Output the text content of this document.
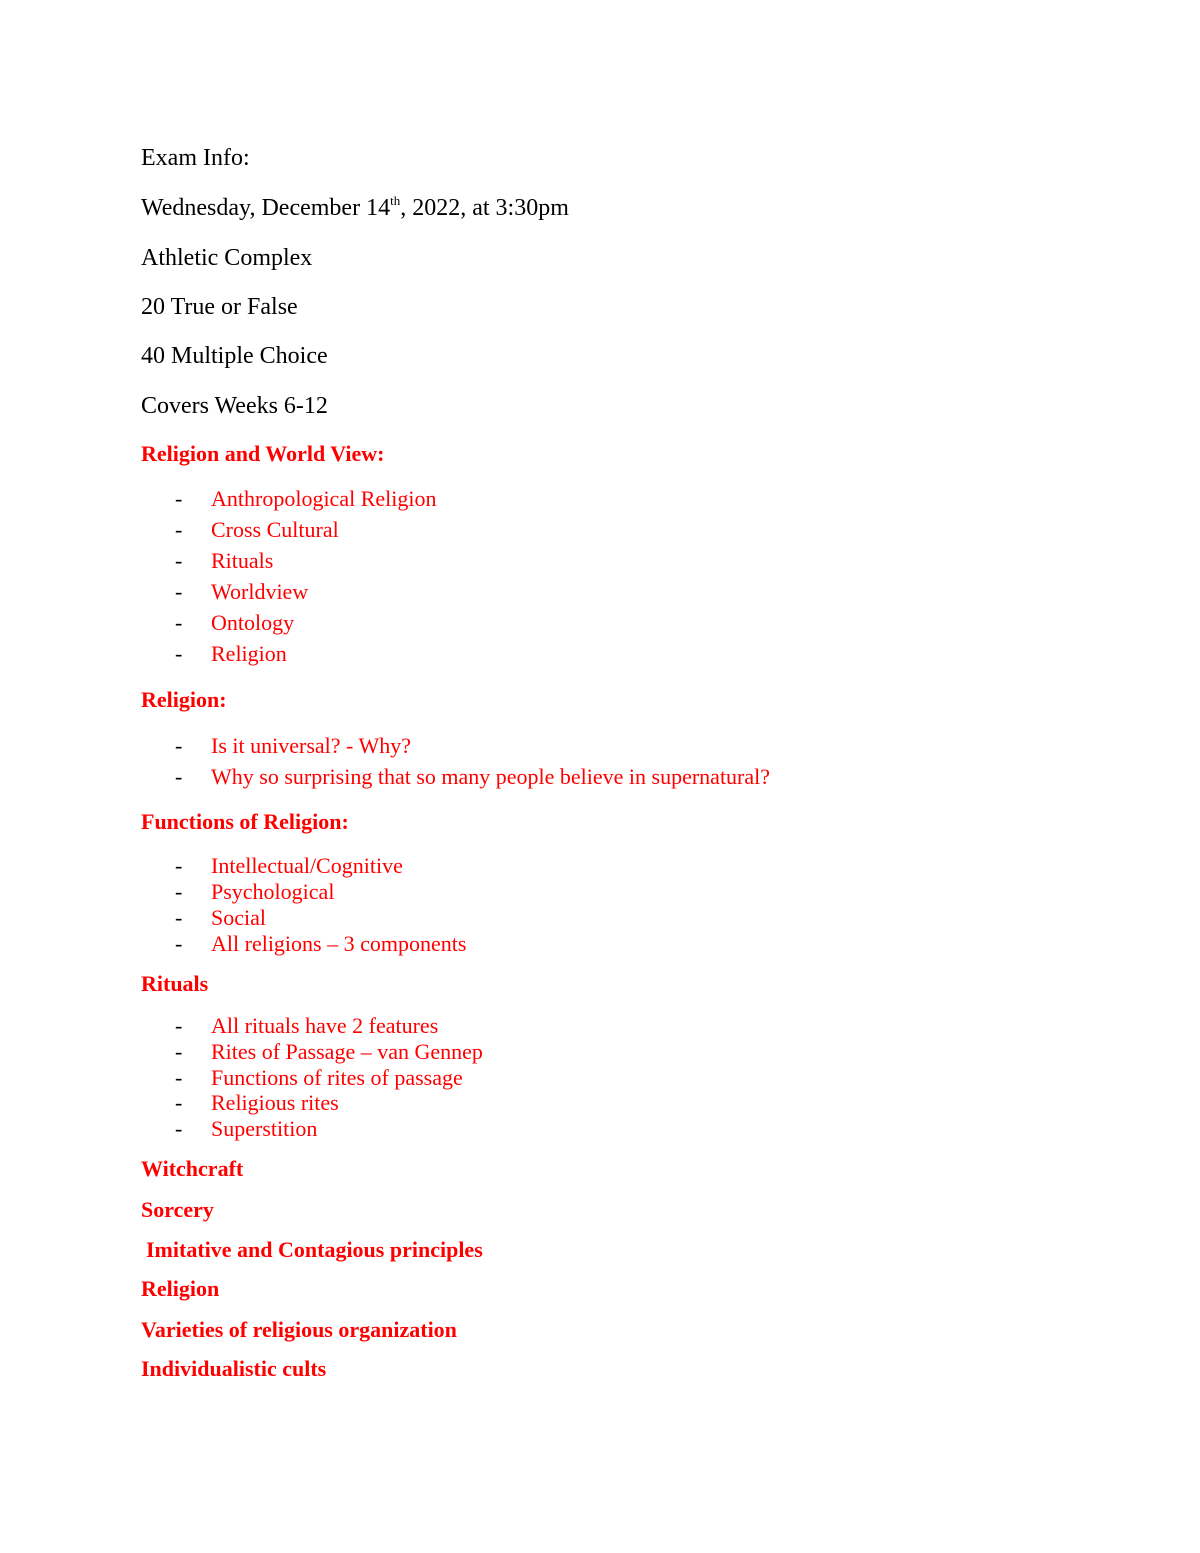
Exam Info:
Wednesday, December 14th, 2022, at 3:30pm
Athletic Complex
20 True or False
40 Multiple Choice
Covers Weeks 6-12
Religion and World View:
- Anthropological Religion
- Cross Cultural
- Rituals
- Worldview
- Ontology
- Religion
Religion:
- Is it universal? - Why?
- Why so surprising that so many people believe in supernatural?
Functions of Religion:
- Intellectual/Cognitive
- Psychological
- Social
- All religions – 3 components
Rituals
- All rituals have 2 features
- Rites of Passage – van Gennep
- Functions of rites of passage
- Religious rites
- Superstition
Witchcraft
Sorcery
Imitative and Contagious principles
Religion
Varieties of religious organization
Individualistic cults
